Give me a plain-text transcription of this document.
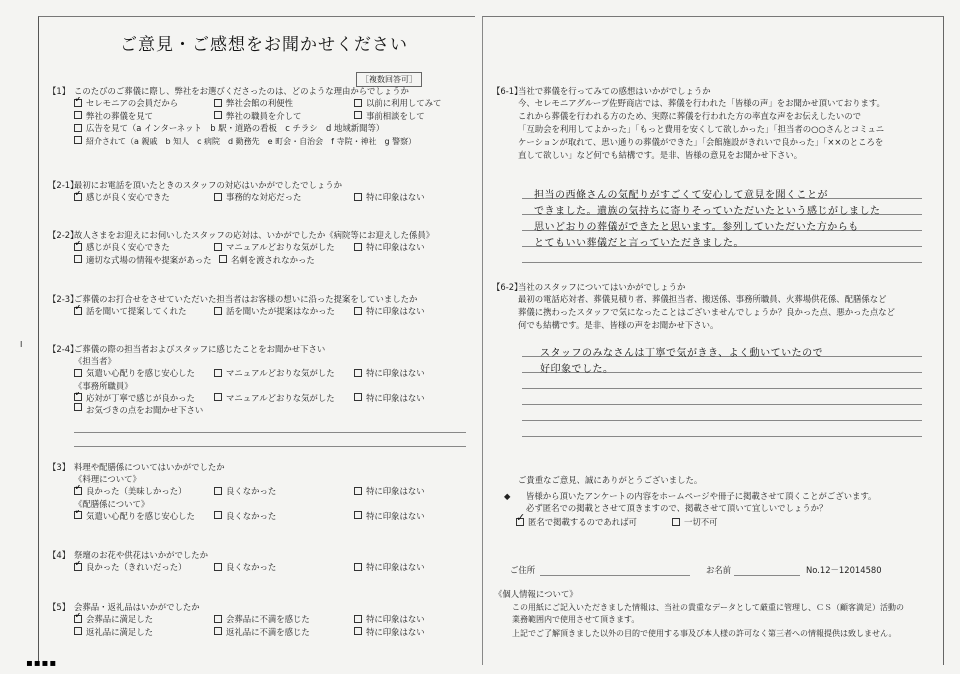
ご意見・ご感想をお聞かせください
［複数回答可］
I
【1】 このたびのご葬儀に際し、弊社をお選びくださったのは、どのような理由からでしょうか
✓セレモニアの会員だから	弊社会館の利便性	以前に利用してみて
弊社の葬儀を見て	弊社の職員を介して	事前相談をして
広告を見て（a インターネット　b 駅・道路の看板　c チラシ　d 地域新聞等）
紹介されて（a 親戚　b 知人　c 病院　d 勤務先　e 町会・自治会　f 寺院・神社　g 警察）
【2-1】
最初にお電話を頂いたときのスタッフの対応はいかがでしたでしょうか
✓感じが良く安心できた	事務的な対応だった	特に印象はない
【2-2】
故人さまをお迎えにお伺いしたスタッフの応対は、いかがでしたか《病院等にお迎えした係員》
✓感じが良く安心できた	マニュアルどおりな気がした	特に印象はない
適切な式場の情報や提案があった	名刺を渡されなかった
【2-3】
ご葬儀のお打合せをさせていただいた担当者はお客様の想いに沿った提案をしていましたか
✓話を聞いて提案してくれた	話を聞いたが提案はなかった	特に印象はない
【2-4】
ご葬儀の際の担当者およびスタッフに感じたことをお聞かせ下さい
《担当者》
気遣い心配りを感じ安心した	マニュアルどおりな気がした	特に印象はない
《事務所職員》
✓応対が丁寧で感じが良かった	マニュアルどおりな気がした	特に印象はない
お気づきの点をお聞かせ下さい
【3】 料理や配膳係についてはいかがでしたか
《料理について》
✓良かった（美味しかった）	良くなかった	特に印象はない
《配膳係について》
✓気遣い心配りを感じ安心した	良くなかった	特に印象はない
【4】 祭壇のお花や供花はいかがでしたか
✓良かった（きれいだった）	良くなかった	特に印象はない
【5】 会葬品・返礼品はいかがでしたか
✓会葬品に満足した	会葬品に不満を感じた	特に印象はない
返礼品に満足した	返礼品に不満を感じた	特に印象はない
▪▪▪▪
【6-1】
当社で葬儀を行ってみての感想はいかがでしょうか
今、セレモニアグループ佐野商店では、葬儀を行われた「皆様の声」をお聞かせ頂いております。
これから葬儀を行われる方のため、実際に葬儀を行われた方の率直な声をお伝えしたいので
「互助会を利用してよかった」「もっと費用を安くして欲しかった」「担当者の○○さんとコミュニ
ケーションが取れて、思い通りの葬儀ができた」「会館施設がきれいで良かった」「××のところを
直して欲しい」など何でも結構です。是非、皆様の意見をお聞かせ下さい。
担当の西條さんの気配りがすごくて安心して意見を聞くことが
できました。遺族の気持ちに寄りそっていただいたという感じがしました
思いどおりの葬儀ができたと思います。参列していただいた方からも
とてもいい葬儀だと言っていただきました。
【6-2】
当社のスタッフについてはいかがでしょうか
最初の電話応対者、葬儀見積り者、葬儀担当者、搬送係、事務所職員、火葬場供花係、配膳係など
葬儀に携わったスタッフで気になったことはございませんでしょうか？良かった点、悪かった点など
何でも結構です。是非、皆様の声をお聞かせ下さい。
スタッフのみなさんは丁寧で気がきき、よく動いていたので
好印象でした。
ご貴重なご意見、誠にありがとうございました。
◆ 皆様から頂いたアンケートの内容をホームページや冊子に掲載させて頂くことがございます。
必ず匿名での掲載とさせて頂きますので、掲載させて頂いて宜しいでしょうか？
✓匿名で掲載するのであれば可	一切不可
ご住所	お名前	No.12－12014580
《個人情報について》
この用紙にご記入いただきました情報は、当社の貴重なデータとして厳重に管理し、ＣＳ（顧客満足）活動の
業務範囲内で使用させて頂きます。
上記でご了解頂きました以外の目的で使用する事及び本人様の許可なく第三者への情報提供は致しません。
